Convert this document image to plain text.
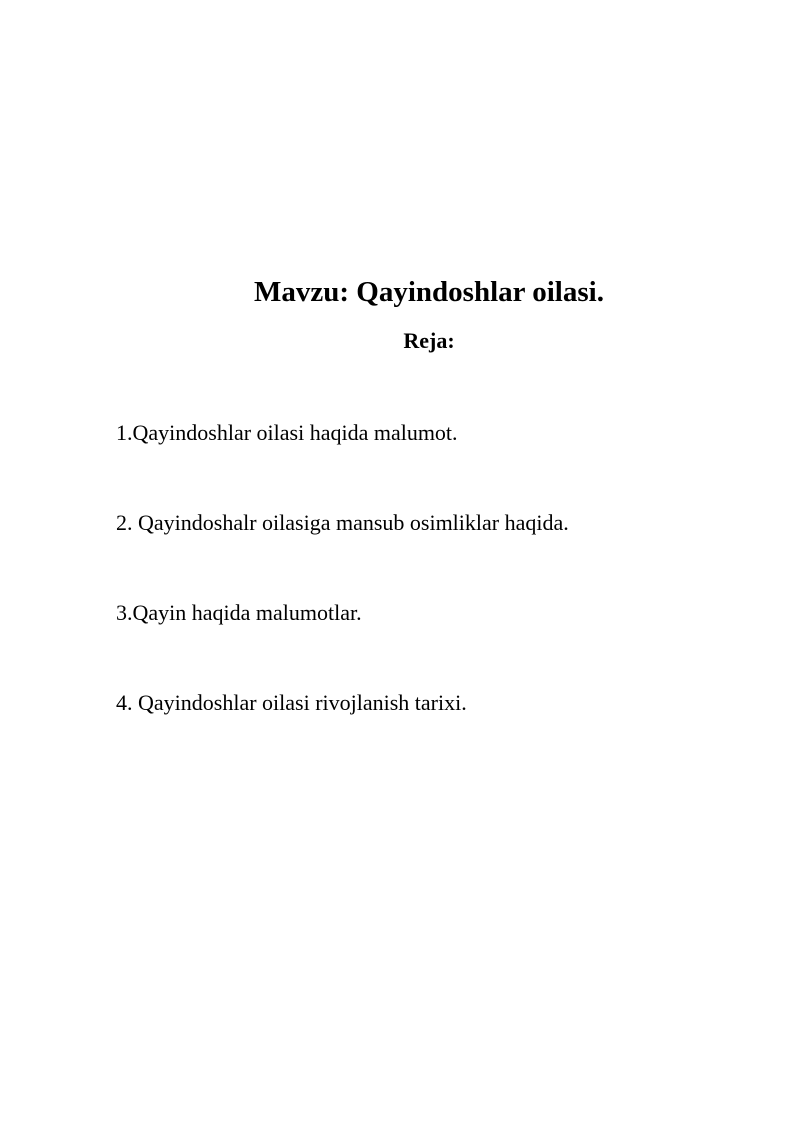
Mavzu: Qayindoshlar oilasi.
Reja:
1.Qayindoshlar oilasi haqida malumot.
2. Qayindoshalr oilasiga mansub osimliklar haqida.
3.Qayin haqida malumotlar.
4. Qayindoshlar oilasi rivojlanish tarixi.
